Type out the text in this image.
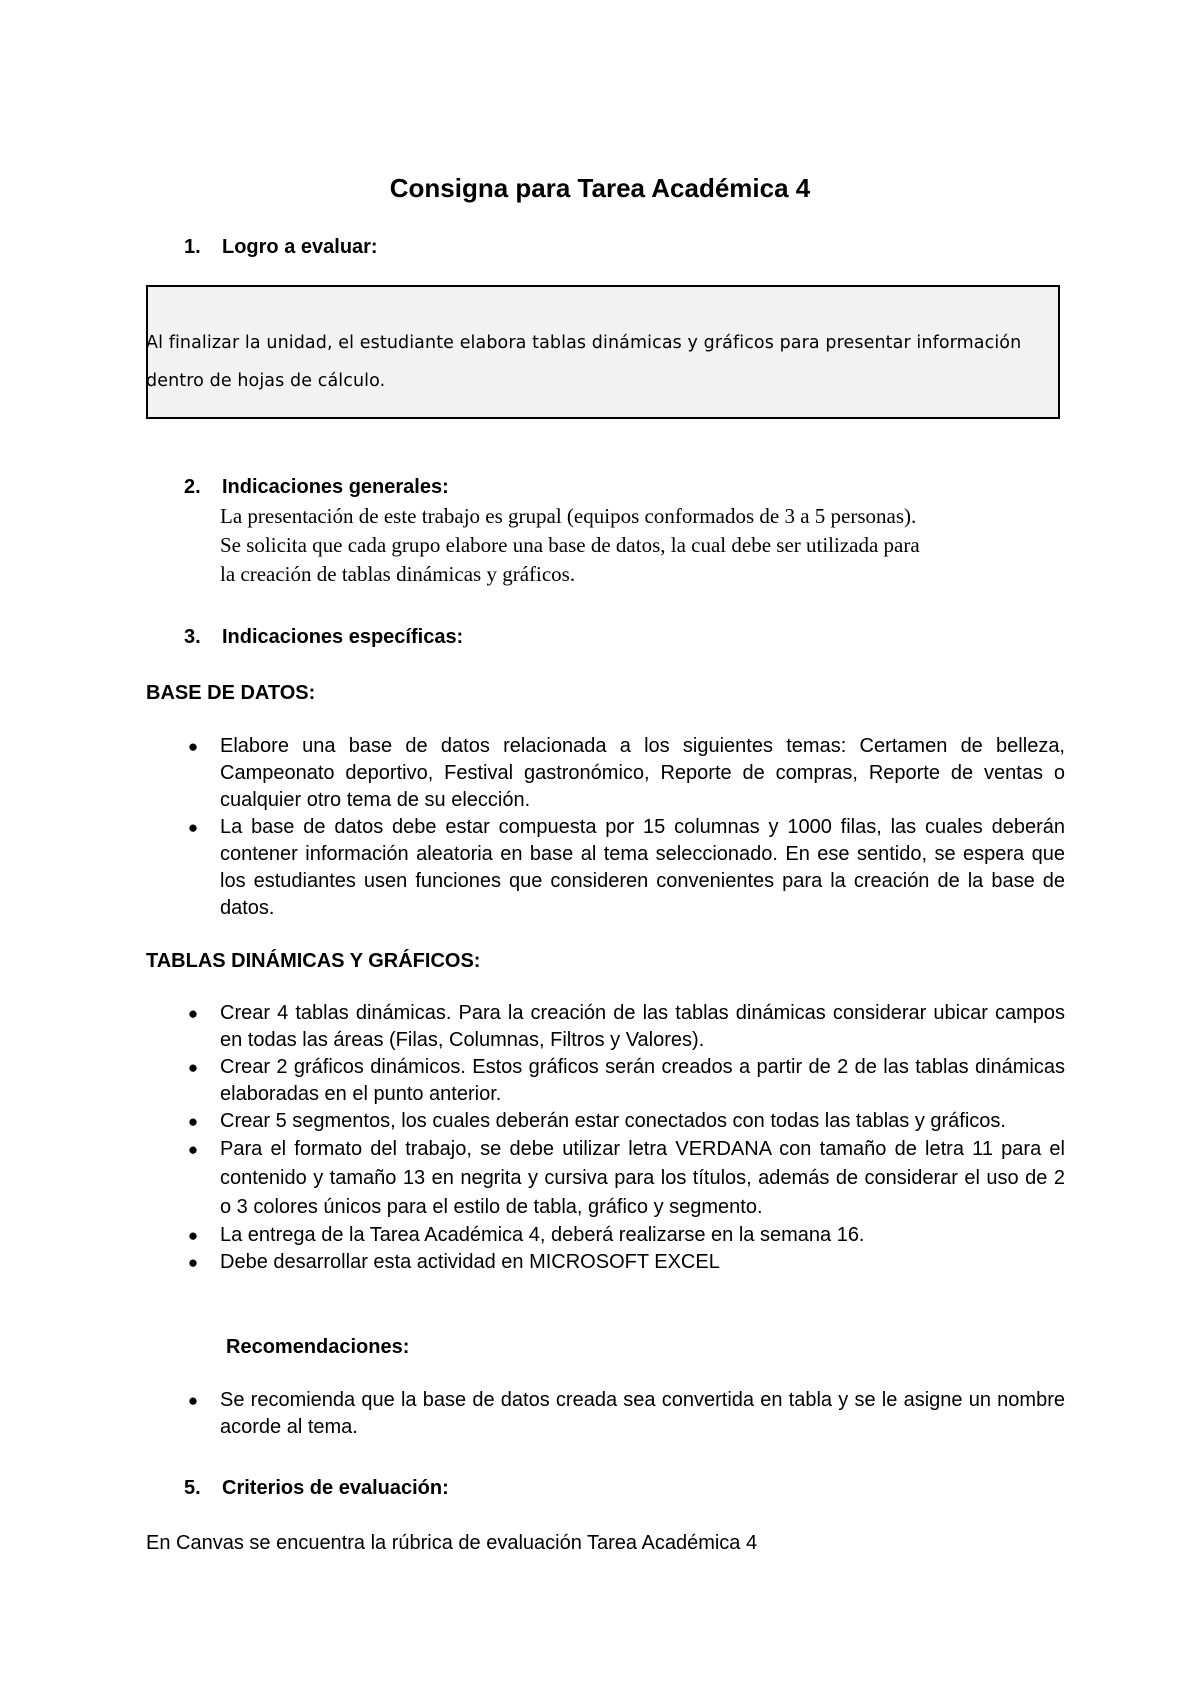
Consigna para Tarea Académica 4
1. Logro a evaluar:
Al finalizar la unidad, el estudiante elabora tablas dinámicas y gráficos para presentar información dentro de hojas de cálculo.
2. Indicaciones generales:

La presentación de este trabajo es grupal (equipos conformados de 3 a 5 personas).

Se solicita que cada grupo elabore una base de datos, la cual debe ser utilizada para

la creación de tablas dinámicas y gráficos.

3. Indicaciones específicas:
BASE DE DATOS:
● Elabore una base de datos relacionada a los siguientes temas: Certamen de belleza, Campeonato deportivo, Festival gastronómico, Reporte de compras, Reporte de ventas o cualquier otro tema de su elección.
● La base de datos debe estar compuesta por 15 columnas y 1000 filas, las cuales deberán contener información aleatoria en base al tema seleccionado. En ese sentido, se espera que los estudiantes usen funciones que consideren convenientes para la creación de la base de datos.
TABLAS DINÁMICAS Y GRÁFICOS:
● Crear 4 tablas dinámicas. Para la creación de las tablas dinámicas considerar ubicar campos en todas las áreas (Filas, Columnas, Filtros y Valores).
● Crear 2 gráficos dinámicos. Estos gráficos serán creados a partir de 2 de las tablas dinámicas elaboradas en el punto anterior.
● Crear 5 segmentos, los cuales deberán estar conectados con todas las tablas y gráficos.
● Para el formato del trabajo, se debe utilizar letra VERDANA con tamaño de letra 11 para el contenido y tamaño 13 en negrita y cursiva para los títulos, además de considerar el uso de 2 o 3 colores únicos para el estilo de tabla, gráfico y segmento.
● La entrega de la Tarea Académica 4, deberá realizarse en la semana 16.
● Debe desarrollar esta actividad en MICROSOFT EXCEL
Recomendaciones:
● Se recomienda que la base de datos creada sea convertida en tabla y se le asigne un nombre acorde al tema.
5. Criterios de evaluación:
En Canvas se encuentra la rúbrica de evaluación Tarea Académica 4
